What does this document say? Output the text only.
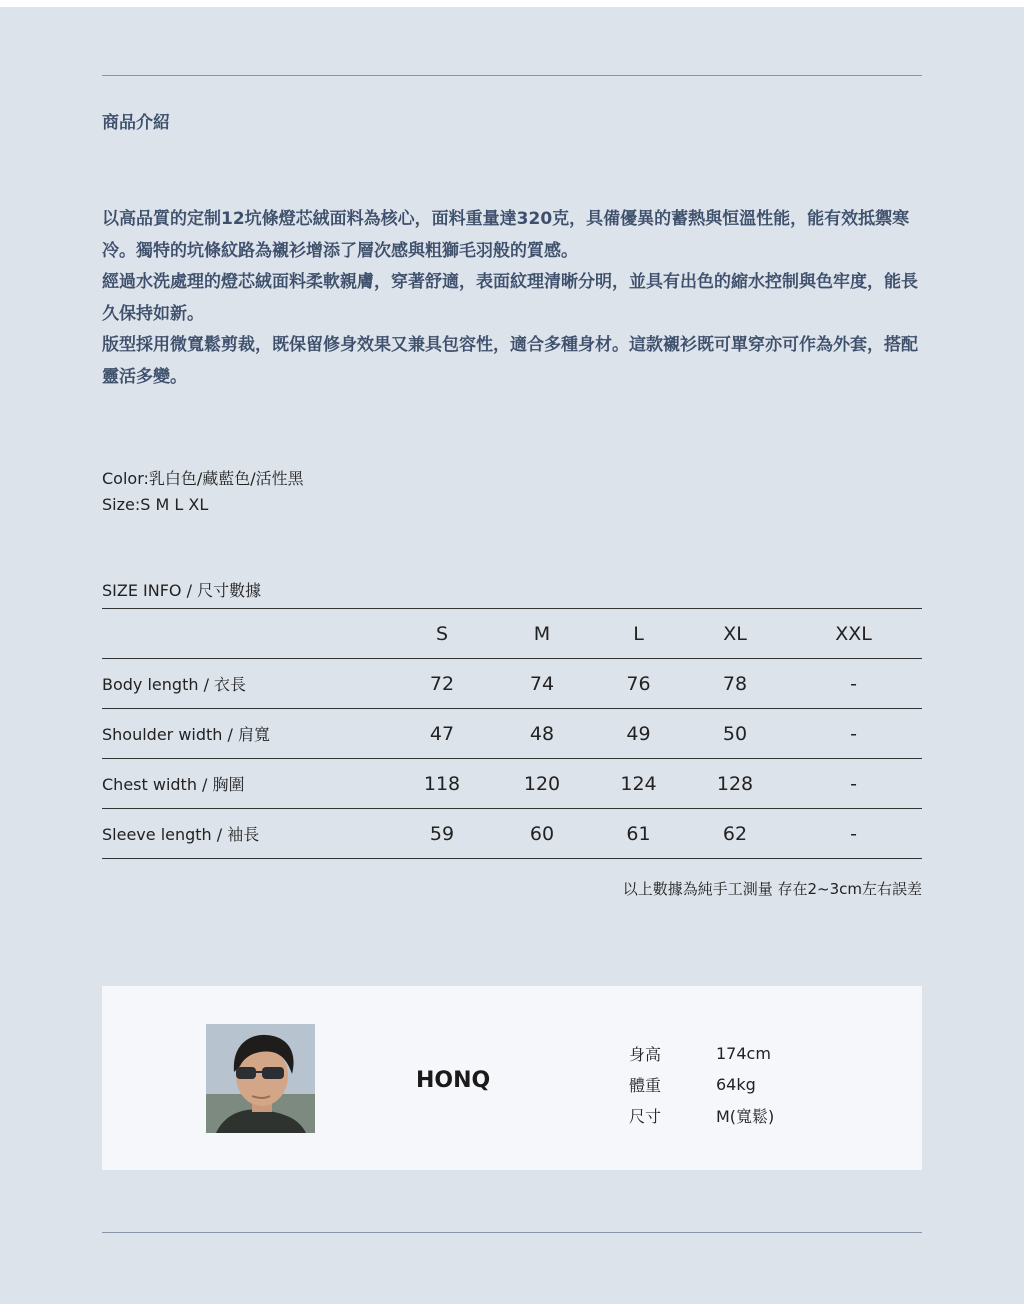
商品介紹

以高品質的定制12坑條燈芯絨面料為核心，面料重量達320克，具備優異的蓄熱與恒溫性能，能有效抵禦寒冷。獨特的坑條紋路為襯衫增添了層次感與粗獅毛羽般的質感。

經過水洗處理的燈芯絨面料柔軟親膚，穿著舒適，表面紋理清晰分明，並具有出色的縮水控制與色牢度，能長久保持如新。

版型採用微寬鬆剪裁，既保留修身效果又兼具包容性，適合多種身材。這款襯衫既可單穿亦可作為外套，搭配靈活多變。

Color:乳白色/藏藍色/活性黑

Size:S M L XL

SIZE INFO / 尺寸數據

	S	M	L	XL	XXL
Body length / 衣長	72	74	76	78	-
Shoulder width / 肩寬	47	48	49	50	-
Chest width / 胸圍	118	120	124	128	-
Sleeve length / 袖長	59	60	61	62	-

以上數據為純手工測量 存在2~3cm左右誤差

HONQ
身高	174cm
體重	64kg
尺寸	M(寬鬆)
